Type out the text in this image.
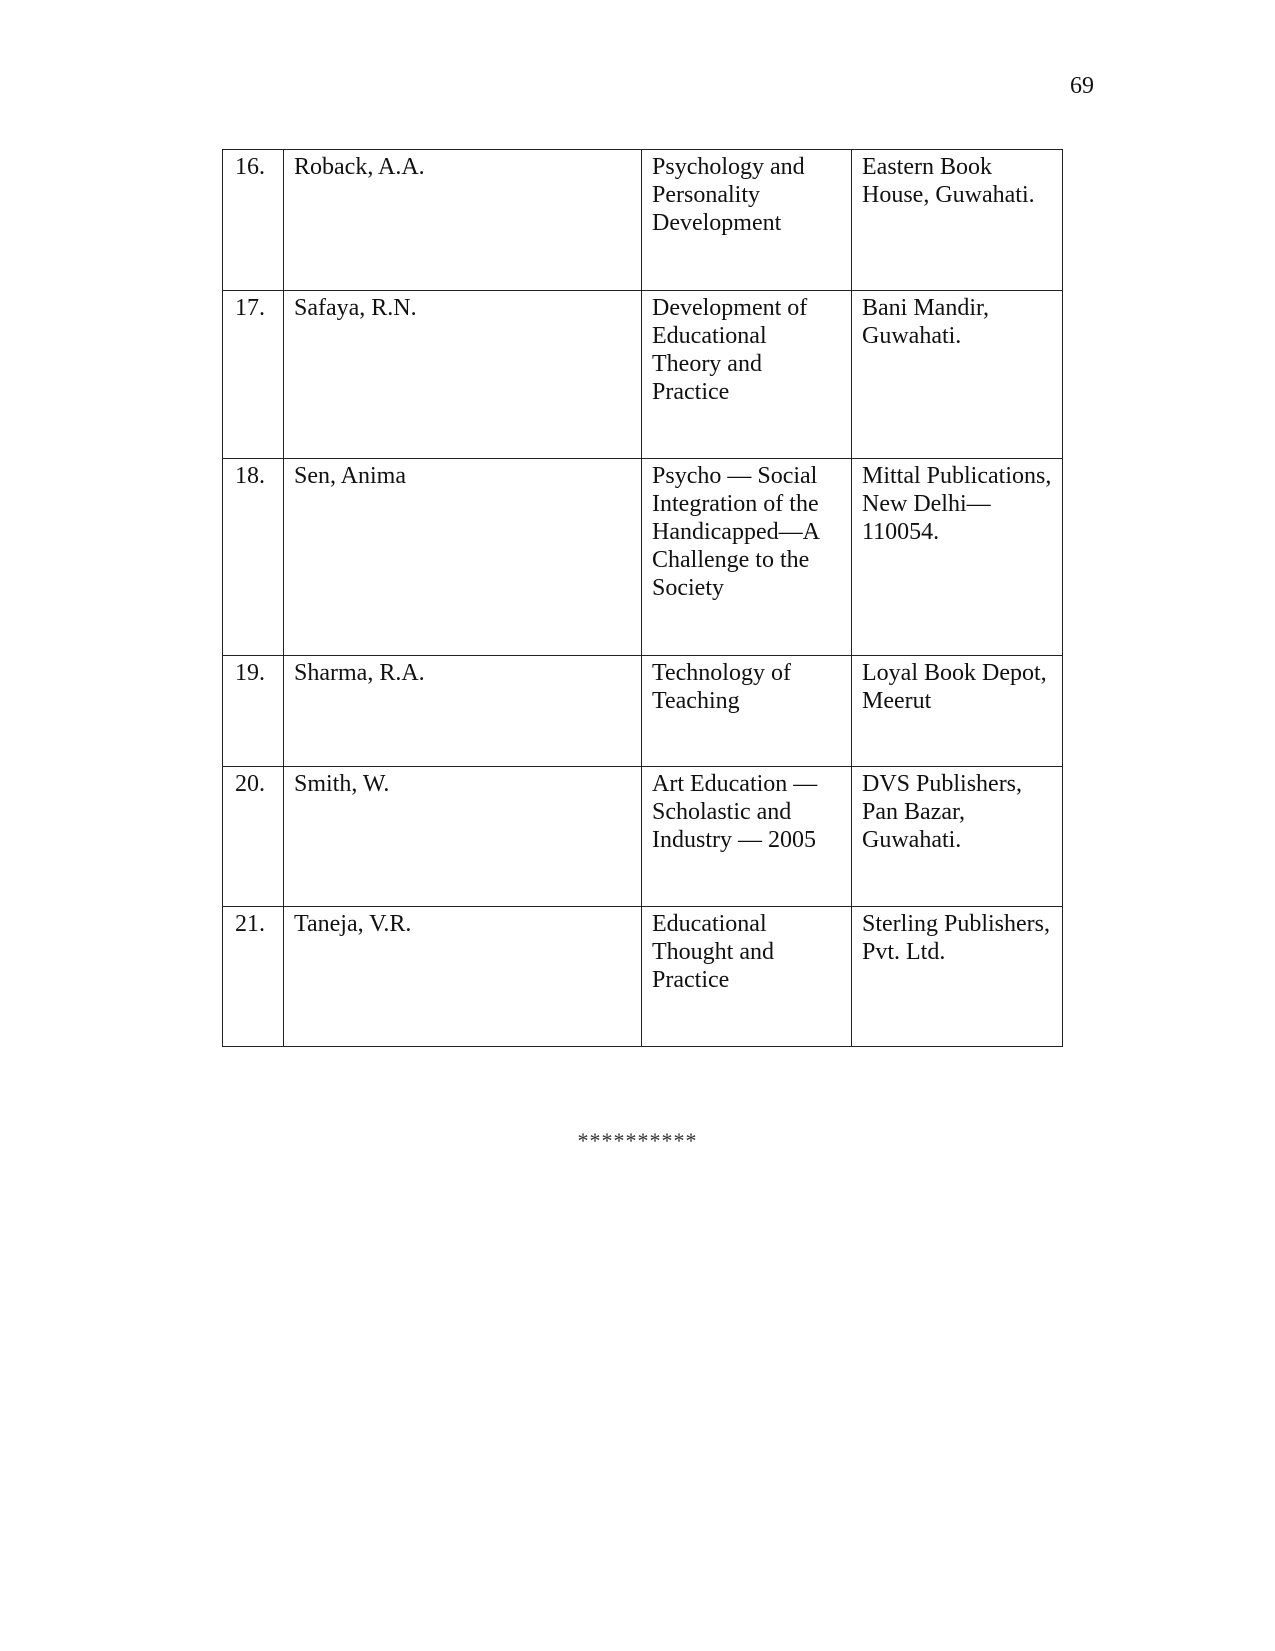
69
16.	Roback, A.A.	Psychology and Personality Development	Eastern Book House, Guwahati.
17.	Safaya, R.N.	Development of Educational Theory and Practice	Bani Mandir, Guwahati.
18.	Sen, Anima	Psycho — Social Integration of the Handicapped—A Challenge to the Society	Mittal Publications, New Delhi— 110054.
19.	Sharma, R.A.	Technology of Teaching	Loyal Book Depot, Meerut
20.	Smith, W.	Art Education — Scholastic and Industry — 2005	DVS Publishers, Pan Bazar, Guwahati.
21.	Taneja, V.R.	Educational Thought and Practice	Sterling Publishers, Pvt. Ltd.
**********
